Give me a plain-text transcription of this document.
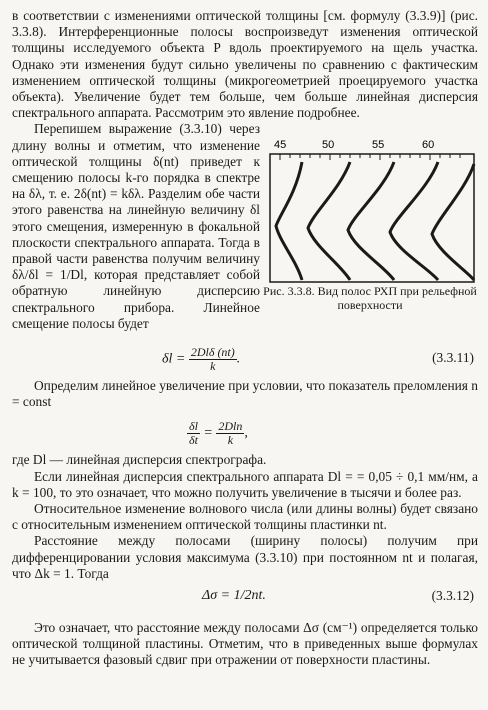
в соответствии с изменениями оптической толщины [см. формулу (3.3.9)] (рис. 3.3.8). Интерференционные полосы воспроизведут изменения оптической толщины исследуемого объекта P вдоль проектируемого на щель участка. Однако эти изменения будут сильно увеличены по сравнению с фактическим изменением оптической толщины (микрогеометрией проецируемого участка объекта). Увеличение будет тем больше, чем больше линейная дисперсия спектрального аппарата. Рассмотрим это явление подробнее.

Перепишем выражение (3.3.10) через длину волны и отметим, что изменение оптической толщины δ(nt) приведет к смещению полосы k-го порядка в спектре на δλ, т. е. 2δ(nt) = kδλ. Разделим обе части этого равенства на линейную величину δl этого смещения, измеренную в фокальной плоскости спектрального аппарата. Тогда в правой части равенства получим величину δλ/δl = 1/Dl, которая представляет собой обратную линейную дисперсию спектрального прибора. Линейное смещение полосы будет

45	50	55	60
Рис. 3.3.8. Вид полос РХП при рельефной поверхности
$\delta l = \frac{\text{2Dlδ (nt)}}{k}$ .	(3.3.11)

Определим линейное увеличение при условии, что показатель преломления n = const

$\frac{\delta l}{\delta t} = \frac{2Dln}{k}$ ,

где Dl — линейная дисперсия спектрографа.

Если линейная дисперсия спектрального аппарата Dl = = 0,05 ÷ 0,1 мм/нм, а k = 100, то это означает, что можно получить увеличение в тысячи и более раз.

Относительное изменение волнового числа (или длины волны) будет связано с относительным изменением оптической толщины пластинки nt.

Расстояние между полосами (ширину полосы) получим при дифференцировании условия максимума (3.3.10) при постоянном nt и полагая, что Δk = 1. Тогда

Δσ = 1/2nt.	(3.3.12)

Это означает, что расстояние между полосами Δσ (см⁻¹) определяется только оптической толщиной пластины. Отметим, что в приведенных выше формулах не учитывается фазовый сдвиг при отражении от поверхности пластины.
